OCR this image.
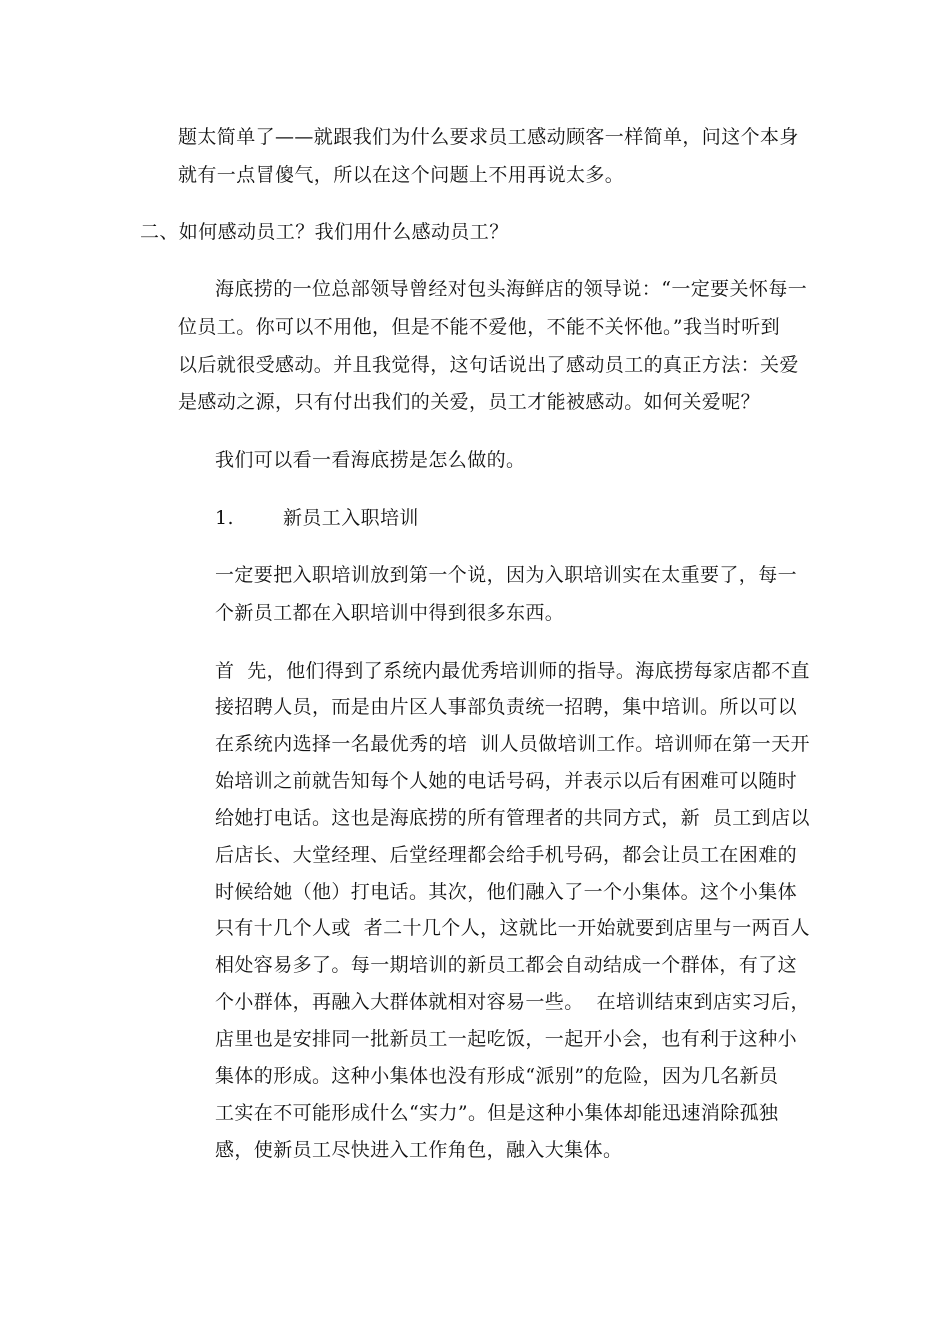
题太简单了——就跟我们为什么要求员工感动顾客一样简单，问这个本身
就有一点冒傻气，所以在这个问题上不用再说太多。
二、如何感动员工？我们用什么感动员工？
海底捞的一位总部领导曾经对包头海鲜店的领导说：“一定要关怀每一
位员工。你可以不用他，但是不能不爱他，不能不关怀他。”我当时听到
以后就很受感动。并且我觉得，这句话说出了感动员工的真正方法：关爱
是感动之源，只有付出我们的关爱，员工才能被感动。如何关爱呢？
我们可以看一看海底捞是怎么做的。
1.	新员工入职培训
一定要把入职培训放到第一个说，因为入职培训实在太重要了，每一
个新员工都在入职培训中得到很多东西。
首  先，他们得到了系统内最优秀培训师的指导。海底捞每家店都不直
接招聘人员，而是由片区人事部负责统一招聘，集中培训。所以可以
在系统内选择一名最优秀的培  训人员做培训工作。培训师在第一天开
始培训之前就告知每个人她的电话号码，并表示以后有困难可以随时
给她打电话。这也是海底捞的所有管理者的共同方式，新  员工到店以
后店长、大堂经理、后堂经理都会给手机号码，都会让员工在困难的
时候给她（他）打电话。其次，他们融入了一个小集体。这个小集体
只有十几个人或  者二十几个人，这就比一开始就要到店里与一两百人
相处容易多了。每一期培训的新员工都会自动结成一个群体，有了这
个小群体，再融入大群体就相对容易一些。  在培训结束到店实习后，
店里也是安排同一批新员工一起吃饭，一起开小会，也有利于这种小
集体的形成。这种小集体也没有形成“派别”的危险，因为几名新员
工实在不可能形成什么“实力”。但是这种小集体却能迅速消除孤独
感，使新员工尽快进入工作角色，融入大集体。
